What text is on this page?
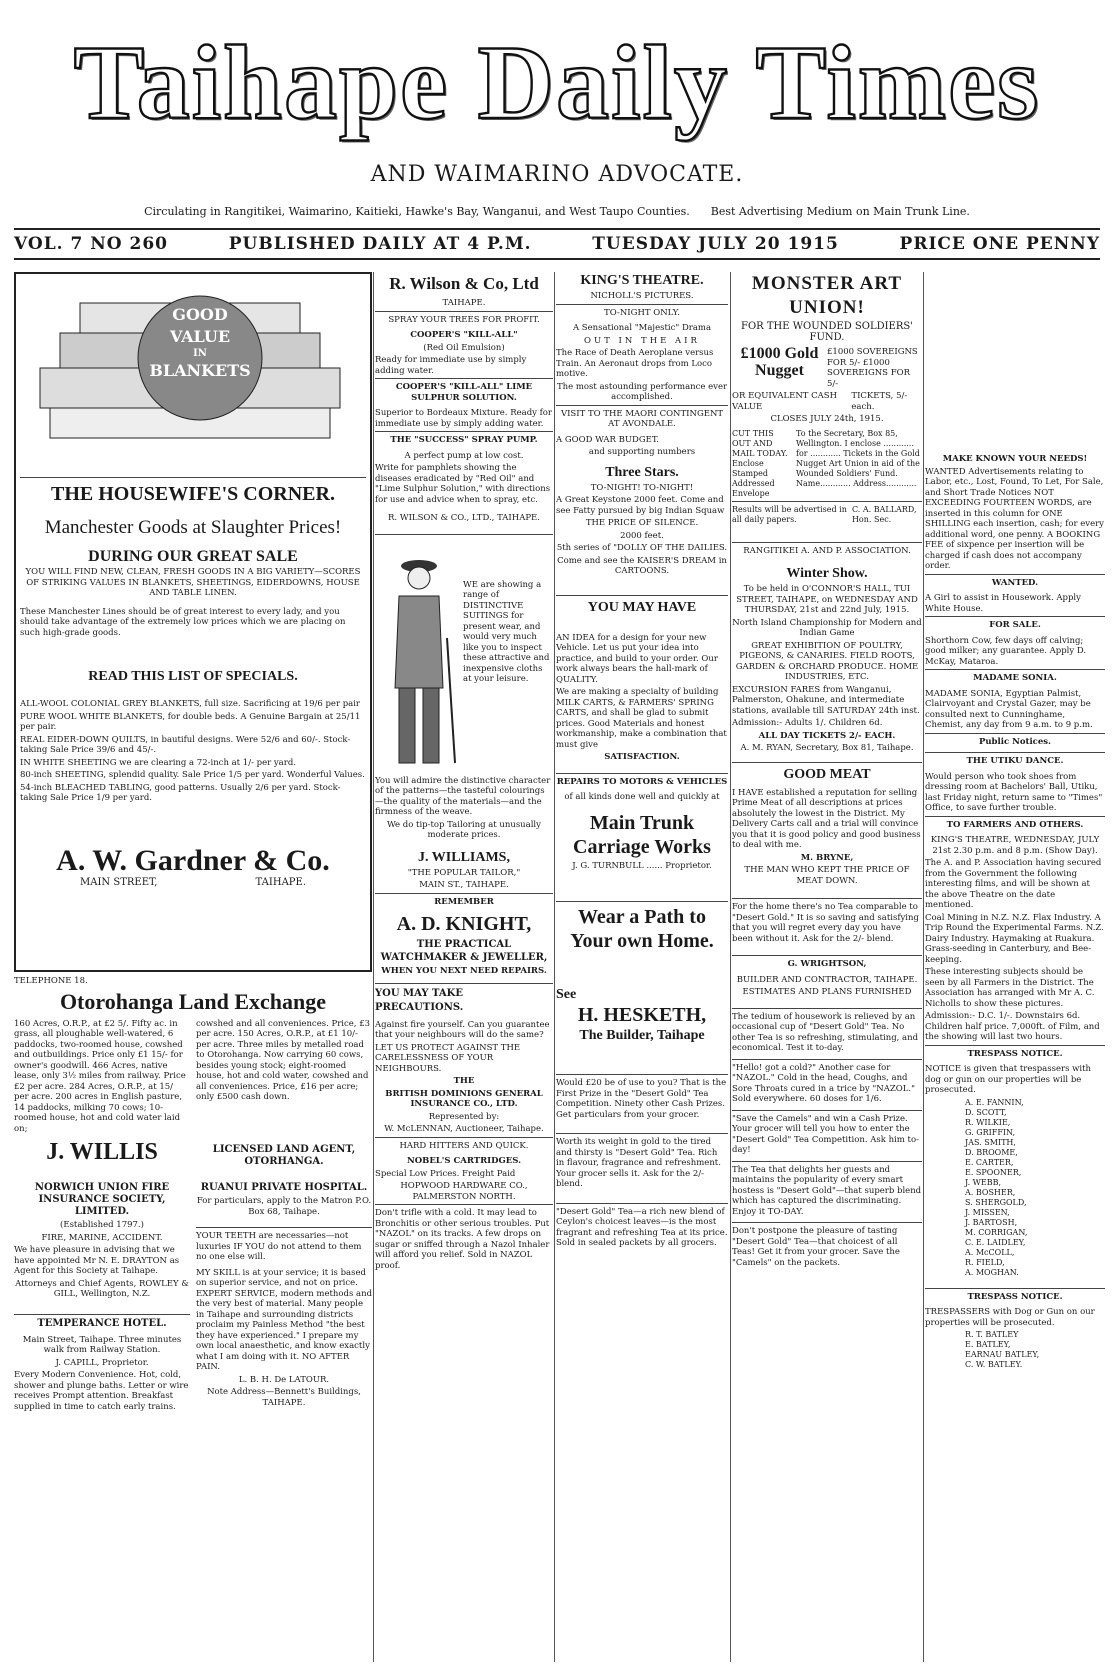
Taihape Daily Times
AND WAIMARINO ADVOCATE.
Circulating in Rangitikei, Waimarino, Kaitieki, Hawke's Bay, Wanganui, and West Taupo Counties. Best Advertising Medium on Main Trunk Line.
VOL. 7 NO 260	PUBLISHED DAILY AT 4 P.M.	TUESDAY JULY 20 1915	PRICE ONE PENNY
GOOD
VALUE
IN
BLANKETS
THE HOUSEWIFE'S CORNER.
Manchester Goods at Slaughter Prices!
DURING OUR GREAT SALE

YOU WILL FIND NEW, CLEAN, FRESH GOODS IN A BIG VARIETY—SCORES OF STRIKING VALUES IN BLANKETS, SHEETINGS, EIDERDOWNS, HOUSE AND TABLE LINEN.

These Manchester Lines should be of great interest to every lady, and you should take advantage of the extremely low prices which we are placing on such high-grade goods.

READ THIS LIST OF SPECIALS.

ALL-WOOL COLONIAL GREY BLANKETS, full size. Sacrificing at 19/6 per pair

PURE WOOL WHITE BLANKETS, for double beds. A Genuine Bargain at 25/11 per pair.

REAL EIDER-DOWN QUILTS, in bautiful designs. Were 52/6 and 60/-. Stock-taking Sale Price 39/6 and 45/-.

IN WHITE SHEETING we are clearing a 72-inch at 1/- per yard.

80-inch SHEETING, splendid quality. Sale Price 1/5 per yard. Wonderful Values.

54-inch BLEACHED TABLING, good patterns. Usually 2/6 per yard. Stock-taking Sale Price 1/9 per yard.

A. W. Gardner & Co.
MAIN STREET,	TAIHAPE.
TELEPHONE 18.
Otorohanga Land Exchange

160 Acres, O.R.P., at £2 5/. Fifty ac. in grass, all ploughable well-watered, 6 paddocks, two-roomed house, cowshed and outbuildings. Price only £1 15/- for owner's goodwill. 466 Acres, native lease, only 3½ miles from railway. Price £2 per acre. 284 Acres, O.R.P., at 15/ per acre. 200 acres in English pasture, 14 paddocks, milking 70 cows; 10-roomed house, hot and cold water laid on;

cowshed and all conveniences. Price, £3 per acre. 150 Acres, O.R.P., at £1 10/- per acre. Three miles by metalled road to Otorohanga. Now carrying 60 cows, besides young stock; eight-roomed house, hot and cold water, cowshed and all conveniences. Price, £16 per acre; only £500 cash down.

J. WILLIS	LICENSED LAND AGENT, OTORHANGA.
NORWICH UNION FIRE INSURANCE SOCIETY, LIMITED.

(Established 1797.)

FIRE, MARINE, ACCIDENT.

We have pleasure in advising that we have appointed Mr N. E. DRAYTON as Agent for this Society at Taihape.

Attorneys and Chief Agents, ROWLEY & GILL, Wellington, N.Z.

TEMPERANCE HOTEL.

Main Street, Taihape. Three minutes walk from Railway Station.

J. CAPILL, Proprietor.

Every Modern Convenience. Hot, cold, shower and plunge baths. Letter or wire receives Prompt attention. Breakfast supplied in time to catch early trains.

RUANUI PRIVATE HOSPITAL.

For particulars, apply to the Matron P.O. Box 68, Taihape.

YOUR TEETH are necessaries—not luxuries IF YOU do not attend to them no one else will.

MY SKILL is at your service; it is based on superior service, and not on price. EXPERT SERVICE, modern methods and the very best of material. Many people in Taihape and surrounding districts proclaim my Painless Method "the best they have experienced." I prepare my own local anaesthetic, and know exactly what I am doing with it. NO AFTER PAIN.

L. B. H. De LATOUR.

Note Address—Bennett's Buildings, TAIHAPE.

R. Wilson & Co, Ltd

TAIHAPE.

SPRAY YOUR TREES FOR PROFIT.

COOPER'S "KILL-ALL"

(Red Oil Emulsion)

Ready for immediate use by simply adding water.

COOPER'S "KILL-ALL" LIME SULPHUR SOLUTION.

Superior to Bordeaux Mixture. Ready for immediate use by simply adding water.

THE "SUCCESS" SPRAY PUMP.

A perfect pump at low cost.

Write for pamphlets showing the diseases eradicated by "Red Oil" and "Lime Sulphur Solution," with directions for use and advice when to spray, etc.

R. WILSON & CO., LTD., TAIHAPE.

WE are showing a range of DISTINCTIVE SUITINGS for present wear, and would very much like you to inspect these attractive and inexpensive cloths at your leisure.

You will admire the distinctive character of the patterns—the tasteful colourings—the quality of the materials—and the firmness of the weave.

We do tip-top Tailoring at unusually moderate prices.

J. WILLIAMS,

"THE POPULAR TAILOR,"

MAIN ST., TAIHAPE.

REMEMBER

A. D. KNIGHT,

THE PRACTICAL WATCHMAKER & JEWELLER,

WHEN YOU NEXT NEED REPAIRS.

YOU MAY TAKE PRECAUTIONS.

Against fire yourself. Can you guarantee that your neighbours will do the same?

LET US PROTECT AGAINST THE CARELESSNESS OF YOUR NEIGHBOURS.

THE

BRITISH DOMINIONS GENERAL INSURANCE CO., LTD.

Represented by:

W. McLENNAN, Auctioneer, Taihape.

HARD HITTERS AND QUICK.

NOBEL'S CARTRIDGES.

Special Low Prices. Freight Paid

HOPWOOD HARDWARE CO., PALMERSTON NORTH.

Don't trifle with a cold. It may lead to Bronchitis or other serious troubles. Put "NAZOL" on its tracks. A few drops on sugar or sniffed through a Nazol Inhaler will afford you relief. Sold in NAZOL proof.

KING'S THEATRE.

NICHOLL'S PICTURES.

TO-NIGHT ONLY.

A Sensational "Majestic" Drama

OUT IN THE AIR

The Race of Death Aeroplane versus Train. An Aeronaut drops from Loco motive.

The most astounding performance ever accomplished.

VISIT TO THE MAORI CONTINGENT AT AVONDALE.

A GOOD WAR BUDGET.

and supporting numbers

Three Stars.

TO-NIGHT! TO-NIGHT!

A Great Keystone 2000 feet. Come and see Fatty pursued by big Indian Squaw

THE PRICE OF SILENCE.

2000 feet.

5th series of "DOLLY OF THE DAILIES.

Come and see the KAISER'S DREAM in CARTOONS.

YOU MAY HAVE

AN IDEA for a design for your new Vehicle. Let us put your idea into practice, and build to your order. Our work always bears the hall-mark of QUALITY.

We are making a specialty of building MILK CARTS, & FARMERS' SPRING CARTS, and shall be glad to submit prices. Good Materials and honest workmanship, make a combination that must give

SATISFACTION.

REPAIRS TO MOTORS & VEHICLES

of all kinds done well and quickly at

Main Trunk Carriage Works

J. G. TURNBULL ...... Proprietor.

Wear a Path to Your own Home.
See
H. HESKETH,
The Builder, Taihape

Would £20 be of use to you? That is the First Prize in the "Desert Gold" Tea Competition. Ninety other Cash Prizes. Get particulars from your grocer.

Worth its weight in gold to the tired and thirsty is "Desert Gold" Tea. Rich in flavour, fragrance and refreshment. Your grocer sells it. Ask for the 2/- blend.

"Desert Gold" Tea—a rich new blend of Ceylon's choicest leaves—is the most fragrant and refreshing Tea at its price. Sold in sealed packets by all grocers.

MONSTER ART UNION!

FOR THE WOUNDED SOLDIERS' FUND.

£1000 Gold Nugget

£1000 SOVEREIGNS FOR 5/- £1000 SOVEREIGNS FOR 5/-

OR EQUIVALENT CASH VALUE
TICKETS, 5/- each.

CLOSES JULY 24th, 1915.

CUT THIS OUT AND MAIL TODAY. Enclose Stamped Addressed Envelope

To the Secretary, Box 85, Wellington. I enclose ............ for ............ Tickets in the Gold Nugget Art Union in aid of the Wounded Soldiers' Fund. Name............ Address............

Results will be advertised in all daily papers.
C. A. BALLARD, Hon. Sec.

RANGITIKEI A. AND P. ASSOCIATION.

Winter Show.

To be held in O'CONNOR'S HALL, TUI STREET, TAIHAPE, on WEDNESDAY AND THURSDAY, 21st and 22nd July, 1915.

North Island Championship for Modern and Indian Game

GREAT EXHIBITION OF POULTRY, PIGEONS, & CANARIES. FIELD ROOTS, GARDEN & ORCHARD PRODUCE. HOME INDUSTRIES, ETC.

EXCURSION FARES from Wanganui, Palmerston, Ohakune, and intermediate stations, available till SATURDAY 24th inst.

Admission:- Adults 1/. Children 6d.

ALL DAY TICKETS 2/- EACH.

A. M. RYAN, Secretary, Box 81, Taihape.

GOOD MEAT

I HAVE established a reputation for selling Prime Meat of all descriptions at prices absolutely the lowest in the District. My Delivery Carts call and a trial will convince you that it is good policy and good business to deal with me.

M. BRYNE,

THE MAN WHO KEPT THE PRICE OF MEAT DOWN.

For the home there's no Tea comparable to "Desert Gold." It is so saving and satisfying that you will regret every day you have been without it. Ask for the 2/- blend.

G. WRIGHTSON,

BUILDER AND CONTRACTOR, TAIHAPE.

ESTIMATES AND PLANS FURNISHED

The tedium of housework is relieved by an occasional cup of "Desert Gold" Tea. No other Tea is so refreshing, stimulating, and economical. Test it to-day.

"Hello! got a cold?" Another case for "NAZOL." Cold in the head, Coughs, and Sore Throats cured in a trice by "NAZOL." Sold everywhere. 60 doses for 1/6.

"Save the Camels" and win a Cash Prize. Your grocer will tell you how to enter the "Desert Gold" Tea Competition. Ask him to-day!

The Tea that delights her guests and maintains the popularity of every smart hostess is "Desert Gold"—that superb blend which has captured the discriminating. Enjoy it TO-DAY.

Don't postpone the pleasure of tasting "Desert Gold" Tea—that choicest of all Teas! Get it from your grocer. Save the "Camels" on the packets.

MAKE KNOWN YOUR NEEDS!

WANTED Advertisements relating to Labor, etc., Lost, Found, To Let, For Sale, and Short Trade Notices NOT EXCEEDING FOURTEEN WORDS, are inserted in this column for ONE SHILLING each insertion, cash; for every additional word, one penny. A BOOKING FEE of sixpence per insertion will be charged if cash does not accompany order.

WANTED.

A Girl to assist in Housework. Apply White House.

FOR SALE.

Shorthorn Cow, few days off calving; good milker; any guarantee. Apply D. McKay, Mataroa.

MADAME SONIA.

MADAME SONIA, Egyptian Palmist, Clairvoyant and Crystal Gazer, may be consulted next to Cunninghame, Chemist, any day from 9 a.m. to 9 p.m.

Public Notices.

THE UTIKU DANCE.

Would person who took shoes from dressing room at Bachelors' Ball, Utiku, last Friday night, return same to "Times" Office, to save further trouble.

TO FARMERS AND OTHERS.

KING'S THEATRE, WEDNESDAY, JULY 21st 2.30 p.m. and 8 p.m. (Show Day).

The A. and P. Association having secured from the Government the following interesting films, and will be shown at the above Theatre on the date mentioned.

Coal Mining in N.Z. N.Z. Flax Industry. A Trip Round the Experimental Farms. N.Z. Dairy Industry. Haymaking at Ruakura. Grass-seeding in Canterbury, and Bee-keeping.

These interesting subjects should be seen by all Farmers in the District. The Association has arranged with Mr A. C. Nicholls to show these pictures.

Admission:- D.C. 1/-. Downstairs 6d. Children half price. 7,000ft. of Film, and the showing will last two hours.

TRESPASS NOTICE.

NOTICE is given that trespassers with dog or gun on our properties will be prosecuted.

A. E. FANNIN,
D. SCOTT,
R. WILKIE,
G. GRIFFIN,
JAS. SMITH,
D. BROOME,
E. CARTER,
E. SPOONER,
J. WEBB,
A. BOSHER,
S. SHERGOLD,
J. MISSEN,
J. BARTOSH,
M. CORRIGAN,
C. E. LAIDLEY,
A. McCOLL,
R. FIELD,
A. MOGHAN.

TRESPASS NOTICE.

TRESPASSERS with Dog or Gun on our properties will be prosecuted.

R. T. BATLEY
E. BATLEY,
EARNAU BATLEY,
C. W. BATLEY.
